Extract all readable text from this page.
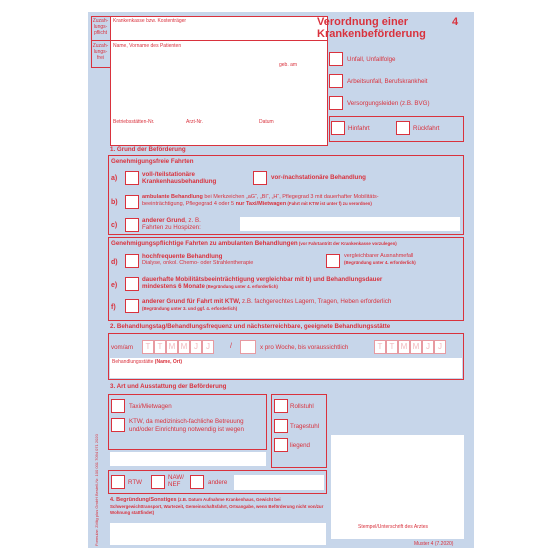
Zuzah-
lungs-
pflicht
Zuzah-
lungs-
frei
Krankenkasse bzw. Kostenträger
Name, Vorname des Patienten
geb. am
Betriebsstätten-Nr.	Arzt-Nr.	Datum
Verordnung einer
Krankenbeförderung
4
Unfall, Unfallfolge
Arbeitsunfall, Berufskrankheit
Versorgungsleiden (z.B. BVG)
Hinfahrt	Rückfahrt
1. Grund der Beförderung
Genehmigungsfreie Fahrten
a)
voll-/teilstationäre
Krankenhausbehandlung
vor-/nachstationäre Behandlung
b)
ambulante Behandlung bei Merkzeichen „aG“, „Bl“, „H“, Pflegegrad 3 mit dauerhafter Mobilitäts-
beeinträchtigung, Pflegegrad 4 oder 5 nur Taxi/Mietwagen (Fahrt mit KTW ist unter f) zu verordnen)
c)
anderer Grund, z. B.
Fahrten zu Hospizen:
Genehmigungspflichtige Fahrten zu ambulanten Behandlungen (vor Fahrtantritt der Krankenkasse vorzulegen)
d)
hochfrequente Behandlung
Dialyse, onkol. Chemo- oder Strahlentherapie
vergleichbarer Ausnahmefall
(Begründung unter 4. erforderlich)
e)
dauerhafte Mobilitätsbeeinträchtigung vergleichbar mit b) und Behandlungsdauer
mindestens 6 Monate (Begründung unter 4. erforderlich)
f)
anderer Grund für Fahrt mit KTW, z.B. fachgerechtes Lagern, Tragen, Heben erforderlich
(Begründung unter 3. und ggf. 4. erforderlich)
2. Behandlungstag/Behandlungsfrequenz und nächsterreichbare, geeignete Behandlungsstätte
vom/am	T T M M J	J	/	x pro Woche, bis voraussichtlich	T T M M J	J
Behandlungsstätte (Name, Ort)
3. Art und Ausstattung der Beförderung
Taxi/Mietwagen
KTW, da medizinisch-fachliche Betreuung
und/oder Einrichtung notwendig ist wegen
Rollstuhl
Tragestuhl
liegend
RTW
NAW/
NEF	andere
4. Begründung/Sonstiges (z.B. Datum Aufnahme Krankenhaus, Gewicht bei Schwergewichttransport, Wartezeit, Gemeinschaftsfahrt, Ortsangabe, wenn Beförderung nicht von/zur Wohnung stattfindet)
Stempel/Unterschrift des Arztes
Muster 4 (7.2020)
Formular: Zöllig plus GmbH Bestell-Nr. 100 001 7094 071 2020
